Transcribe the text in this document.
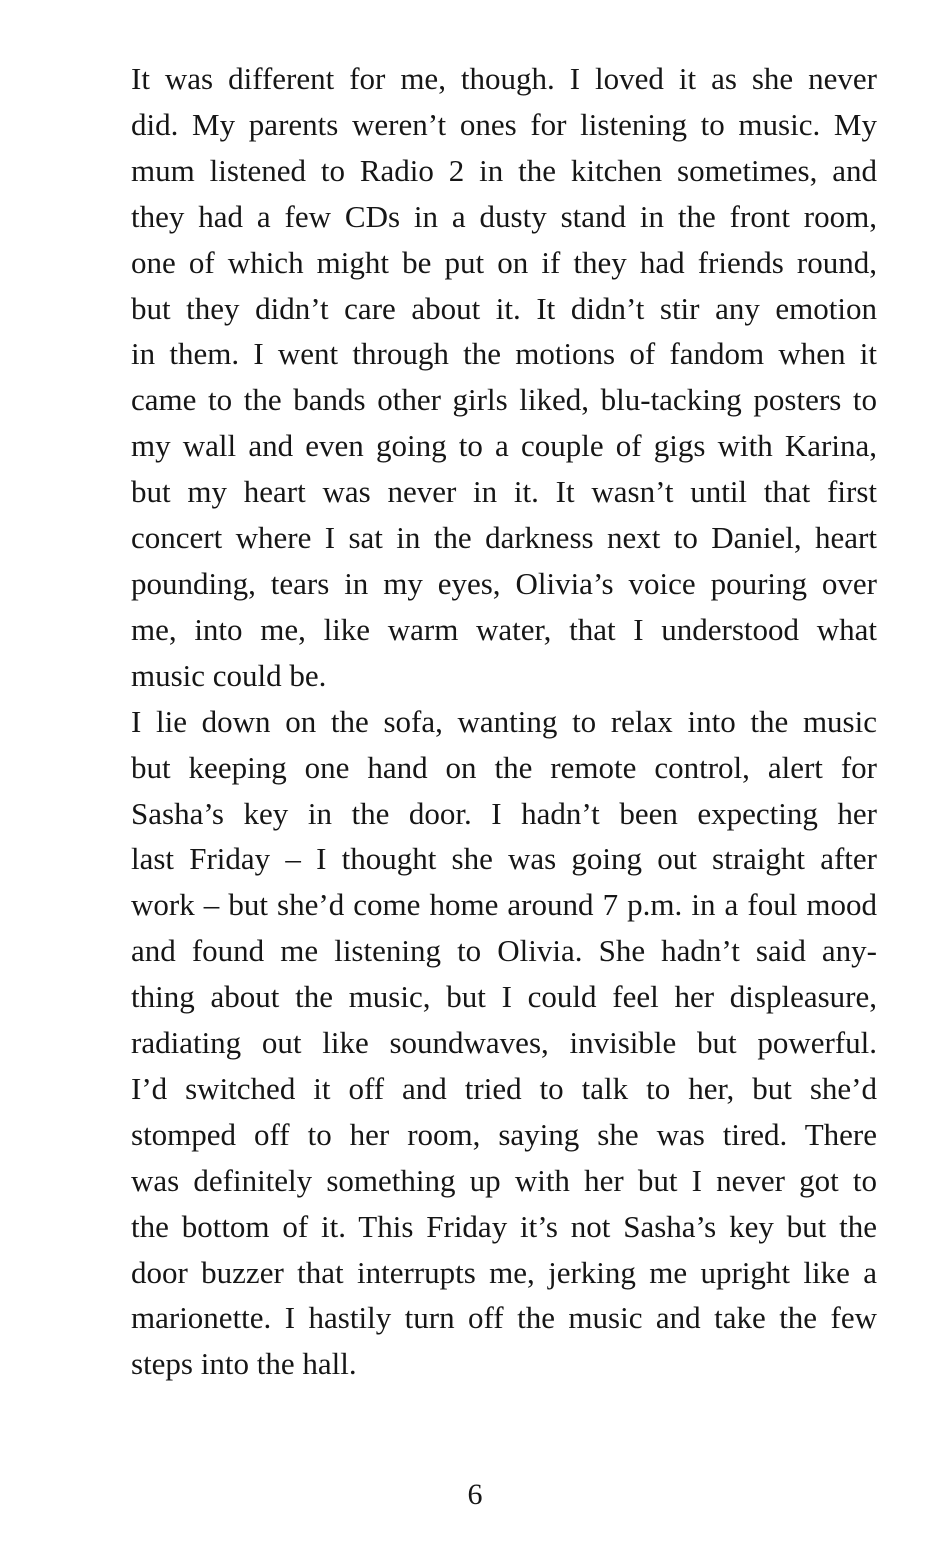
It was different for me, though. I loved it as she never
did. My parents weren’t ones for listening to music. My
mum listened to Radio 2 in the kitchen sometimes, and
they had a few CDs in a dusty stand in the front room,
one of which might be put on if they had friends round,
but they didn’t care about it. It didn’t stir any emotion
in them. I went through the motions of fandom when it
came to the bands other girls liked, blu-tacking posters to
my wall and even going to a couple of gigs with Karina,
but my heart was never in it. It wasn’t until that first
concert where I sat in the darkness next to Daniel, heart
pounding, tears in my eyes, Olivia’s voice pouring over
me, into me, like warm water, that I understood what
music could be.
I lie down on the sofa, wanting to relax into the music
but keeping one hand on the remote control, alert for
Sasha’s key in the door. I hadn’t been expecting her
last Friday – I thought she was going out straight after
work – but she’d come home around 7 p.m. in a foul mood
and found me listening to Olivia. She hadn’t said any-
thing about the music, but I could feel her displeasure,
radiating out like soundwaves, invisible but powerful.
I’d switched it off and tried to talk to her, but she’d
stomped off to her room, saying she was tired. There
was definitely something up with her but I never got to
the bottom of it. This Friday it’s not Sasha’s key but the
door buzzer that interrupts me, jerking me upright like a
marionette. I hastily turn off the music and take the few
steps into the hall.
6
